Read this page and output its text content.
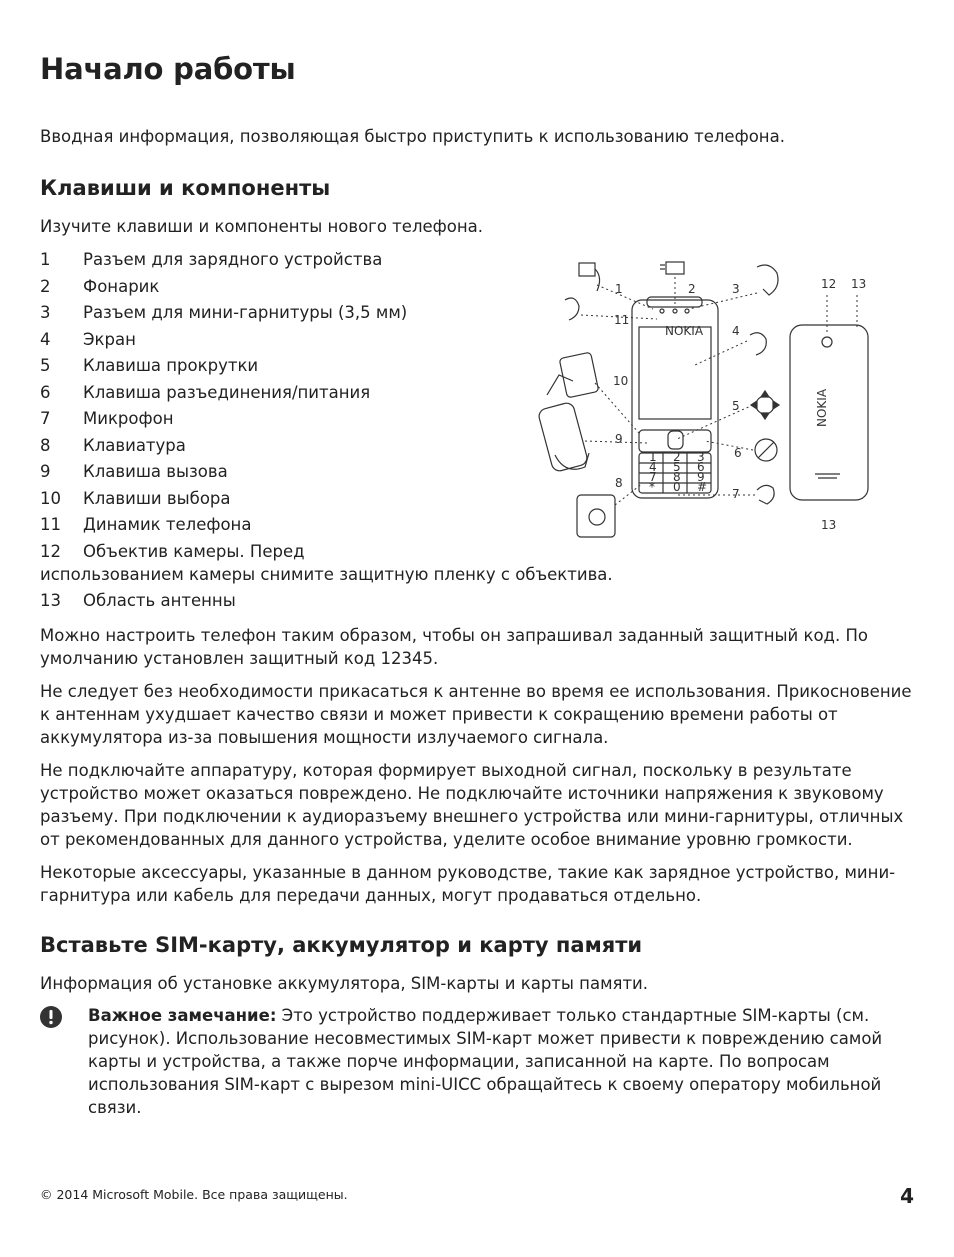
Начало работы

Вводная информация, позволяющая быстро приступить к использованию телефона.

Клавиши и компоненты

Изучите клавиши и компоненты нового телефона.

1 Разъем для зарядного устройства
2 Фонарик
3 Разъем для мини-гарнитуры (3,5 мм)
4 Экран
5 Клавиша прокрутки
6 Клавиша разъединения/питания
7 Микрофон
8 Клавиатура
9 Клавиша вызова
10 Клавиши выбора
11 Динамик телефона
12 Объектив камеры. Перед
использованием камеры снимите защитную пленку с объектива.
13 Область антенны
NOKIA
NOKIA
1 2 3
4 5 6
7 8 9
* 0 #
1	2	3
4
5
6
7
8
9
10
11
12 13
13

Можно настроить телефон таким образом, чтобы он запрашивал заданный защитный код. По умолчанию установлен защитный код 12345.

Не следует без необходимости прикасаться к антенне во время ее использования. Прикосновение к антеннам ухудшает качество связи и может привести к сокращению времени работы от аккумулятора из-за повышения мощности излучаемого сигнала.

Не подключайте аппаратуру, которая формирует выходной сигнал, поскольку в результате устройство может оказаться повреждено. Не подключайте источники напряжения к звуковому разъему. При подключении к аудиоразъему внешнего устройства или мини-гарнитуры, отличных от рекомендованных для данного устройства, уделите особое внимание уровню громкости.

Некоторые аксессуары, указанные в данном руководстве, такие как зарядное устройство, мини-гарнитура или кабель для передачи данных, могут продаваться отдельно.

Вставьте SIM-карту, аккумулятор и карту памяти

Информация об установке аккумулятора, SIM-карты и карты памяти.

Важное замечание: Это устройство поддерживает только стандартные SIM-карты (см. рисунок). Использование несовместимых SIM-карт может привести к повреждению самой карты и устройства, а также порче информации, записанной на карте. По вопросам использования SIM-карт с вырезом mini-UICC обращайтесь к своему оператору мобильной связи.

© 2014 Microsoft Mobile. Все права защищены.	4
